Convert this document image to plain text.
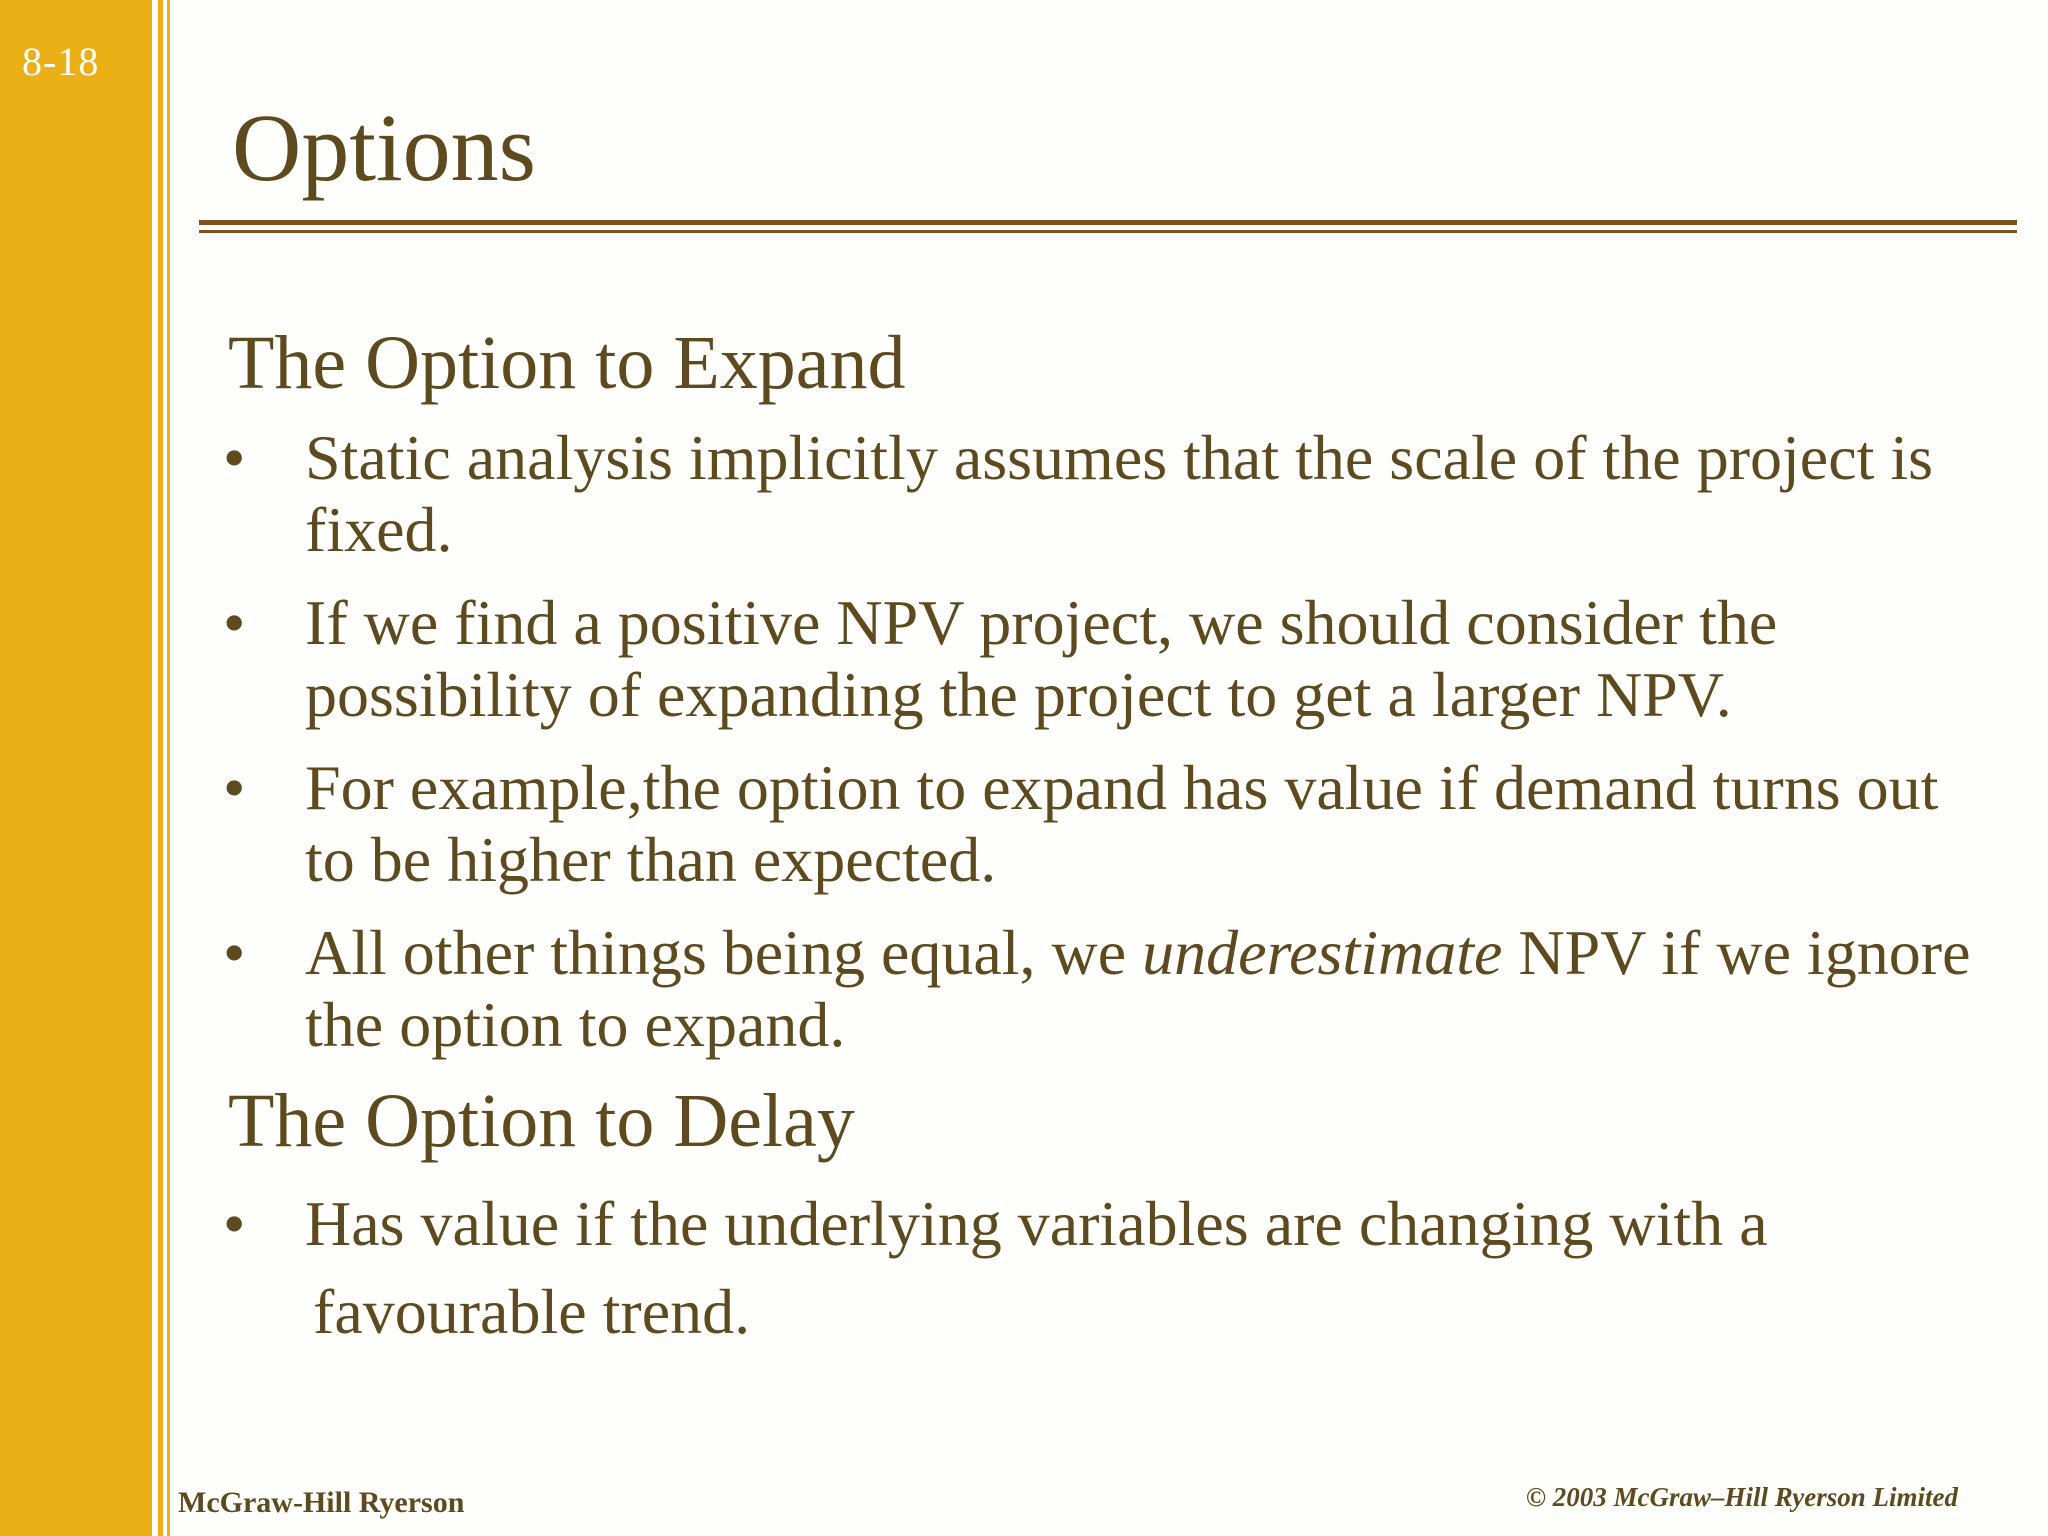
8-18
Options
The Option to Expand
• Static analysis implicitly assumes that the scale of the project is fixed.
• If we find a positive NPV project, we should consider the possibility of expanding the project to get a larger NPV.
• For example,the option to expand has value if demand turns out to be higher than expected.
• All other things being equal, we underestimate NPV if we ignore the option to expand.
The Option to Delay
• Has value if the underlying variables are changing with a
favourable trend.
McGraw-Hill Ryerson	© 2003 McGraw–Hill Ryerson Limited
